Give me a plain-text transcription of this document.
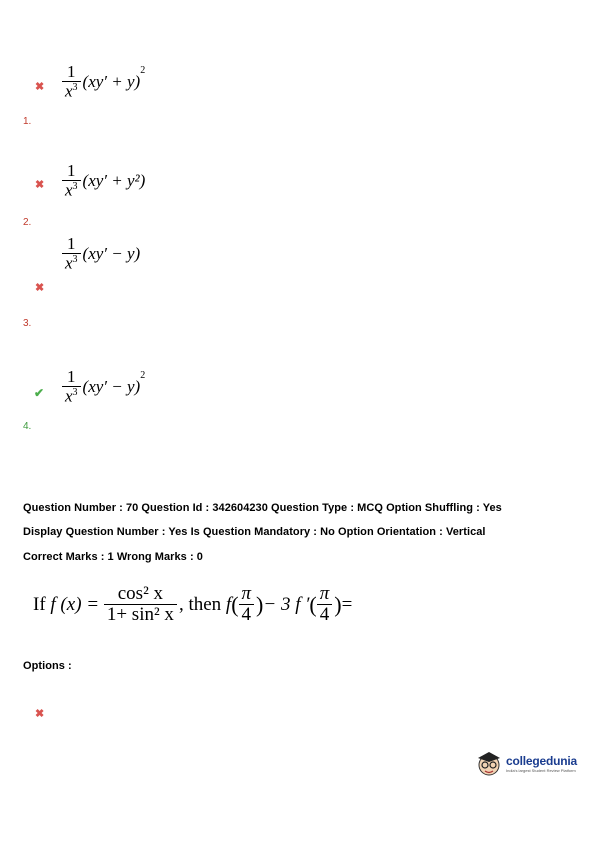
✖ $\frac{1}{x^3} (xy' + y)$
$^2$
1.
✖ $\frac{1}{x^3} (xy' + y^2)$
2.
$\frac{1}{x^3} (xy' - y)$
✖
3.
✔ $\frac{1}{x^3} (xy' - y)$
$^2$
4.
Question Number : 70 Question Id : 342604230 Question Type : MCQ Option Shuffling : Yes
Display Question Number : Yes Is Question Mandatory : No Option Orientation : Vertical
Correct Marks : 1 Wrong Marks : 0
If
f (x) =
$\frac{\text{cos² x}}{\text{1+ sin² x}}$ , then
f ( $\frac{\pi}{4}$ ) − 3 f ′ ( $\frac{\pi}{4}$ ) =
Options :
✖
collegedunia
India's largest Student Review Platform
